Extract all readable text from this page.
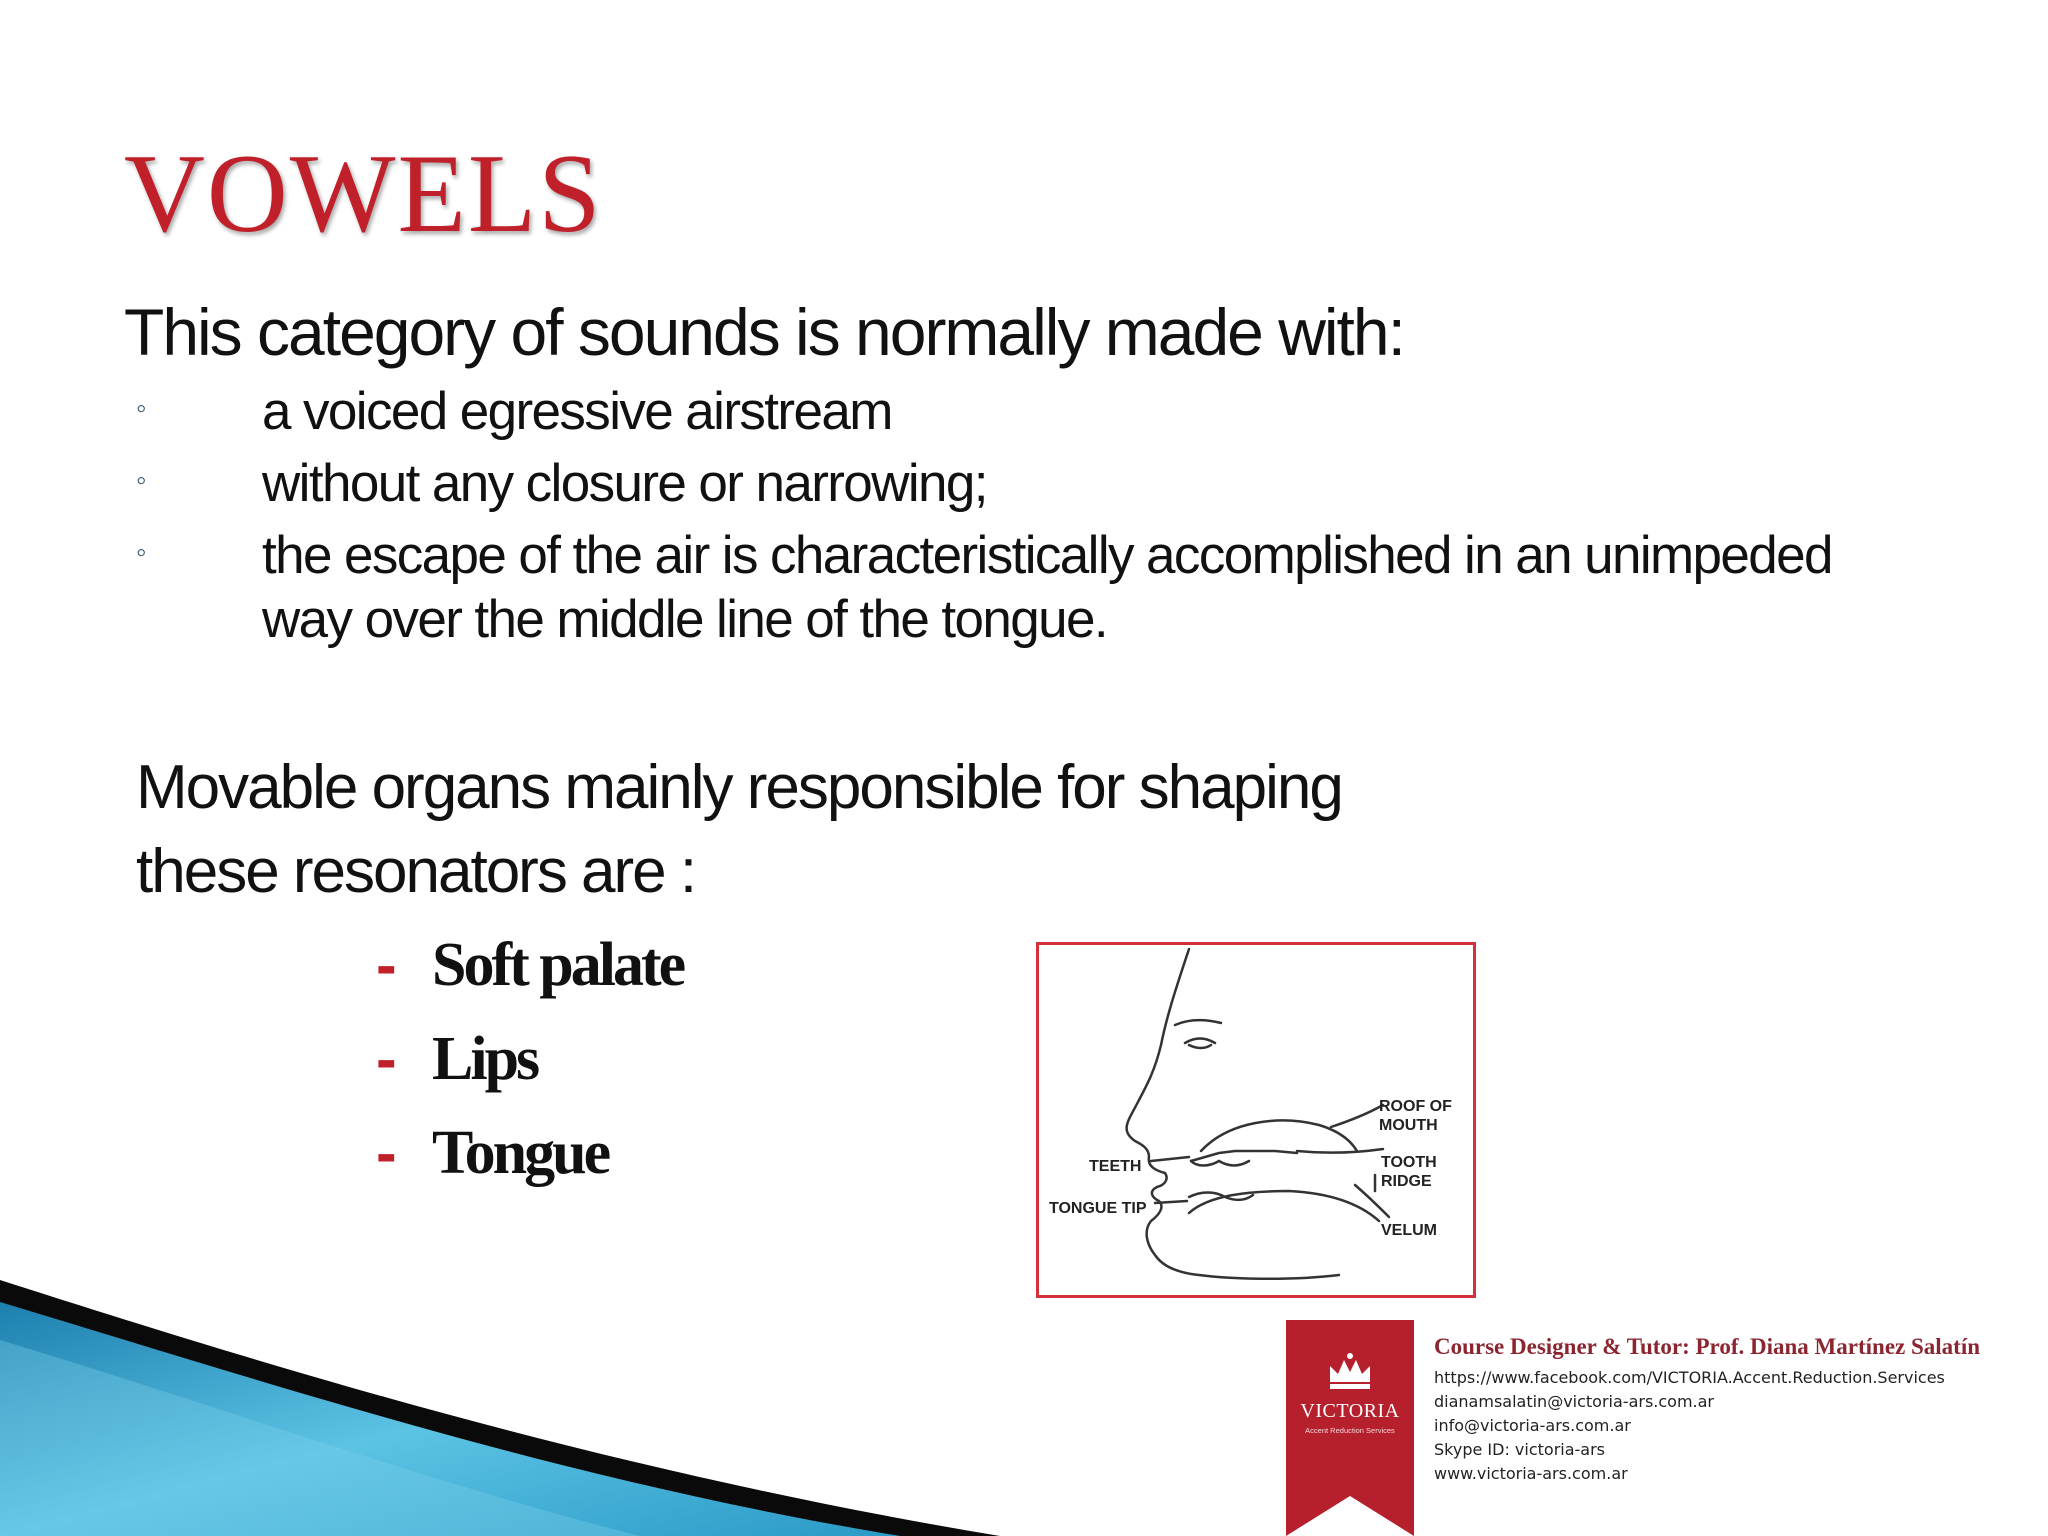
VOWELS
This category of sounds is normally made with:
◦ a voiced egressive airstream
◦ without any closure or narrowing;
◦ the escape of the air is characteristically accomplished in an unimpeded way over the middle line of the tongue.
Movable organs mainly responsible for shaping
these resonators are :
- Soft palate
- Lips
- Tongue
ROOF OF
MOUTH
TOOTH
RIDGE
VELUM
TEETH
TONGUE TIP
VICTORIA
Accent Reduction Services
Course Designer & Tutor: Prof. Diana Martínez Salatín
https://www.facebook.com/VICTORIA.Accent.Reduction.Services
dianamsalatin@victoria-ars.com.ar
info@victoria-ars.com.ar
Skype ID: victoria-ars
www.victoria-ars.com.ar
